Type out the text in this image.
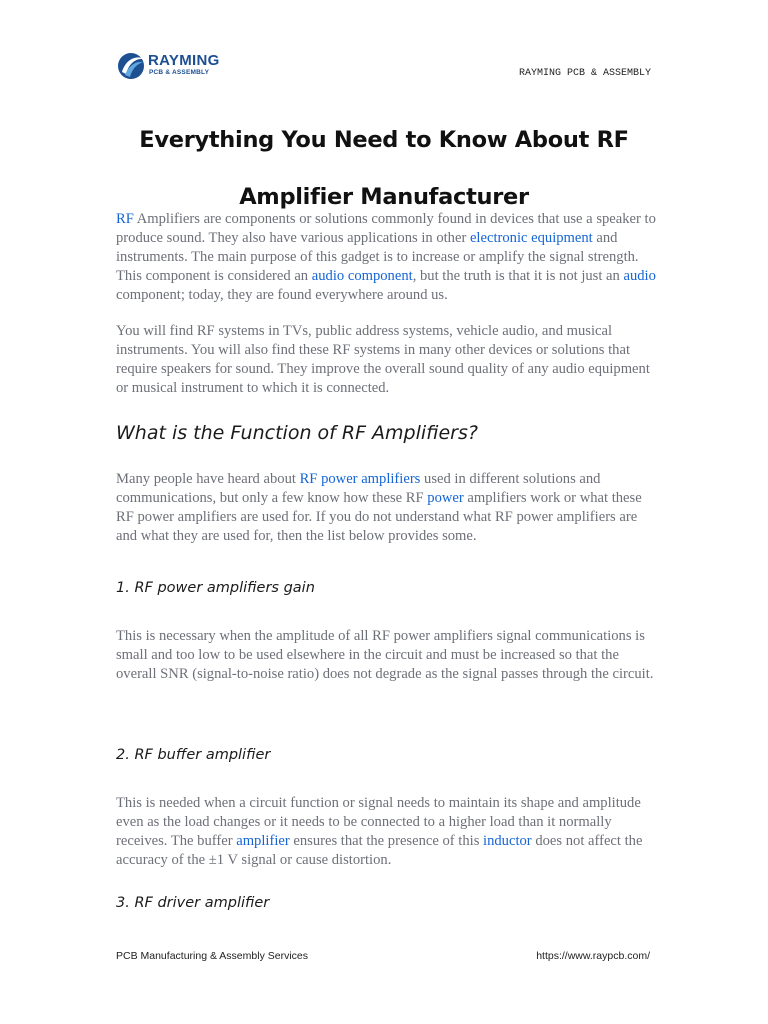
RAYMING
PCB & ASSEMBLY	RAYMING PCB & ASSEMBLY
Everything You Need to Know About RF
Amplifier Manufacturer

RF Amplifiers are components or solutions commonly found in devices that use a speaker to produce sound. They also have various applications in other electronic equipment and instruments. The main purpose of this gadget is to increase or amplify the signal strength. This component is considered an audio component, but the truth is that it is not just an audio component; today, they are found everywhere around us.

You will find RF systems in TVs, public address systems, vehicle audio, and musical instruments. You will also find these RF systems in many other devices or solutions that require speakers for sound. They improve the overall sound quality of any audio equipment or musical instrument to which it is connected.

What is the Function of RF Amplifiers?

Many people have heard about RF power amplifiers used in different solutions and communications, but only a few know how these RF power amplifiers work or what these RF power amplifiers are used for. If you do not understand what RF power amplifiers are and what they are used for, then the list below provides some.

1. RF power amplifiers gain

This is necessary when the amplitude of all RF power amplifiers signal communications is small and too low to be used elsewhere in the circuit and must be increased so that the overall SNR (signal-to-noise ratio) does not degrade as the signal passes through the circuit.

2. RF buffer amplifier

This is needed when a circuit function or signal needs to maintain its shape and amplitude even as the load changes or it needs to be connected to a higher load than it normally receives. The buffer amplifier ensures that the presence of this inductor does not affect the accuracy of the ±1 V signal or cause distortion.

3. RF driver amplifier
PCB Manufacturing & Assembly Services	https://www.raypcb.com/
